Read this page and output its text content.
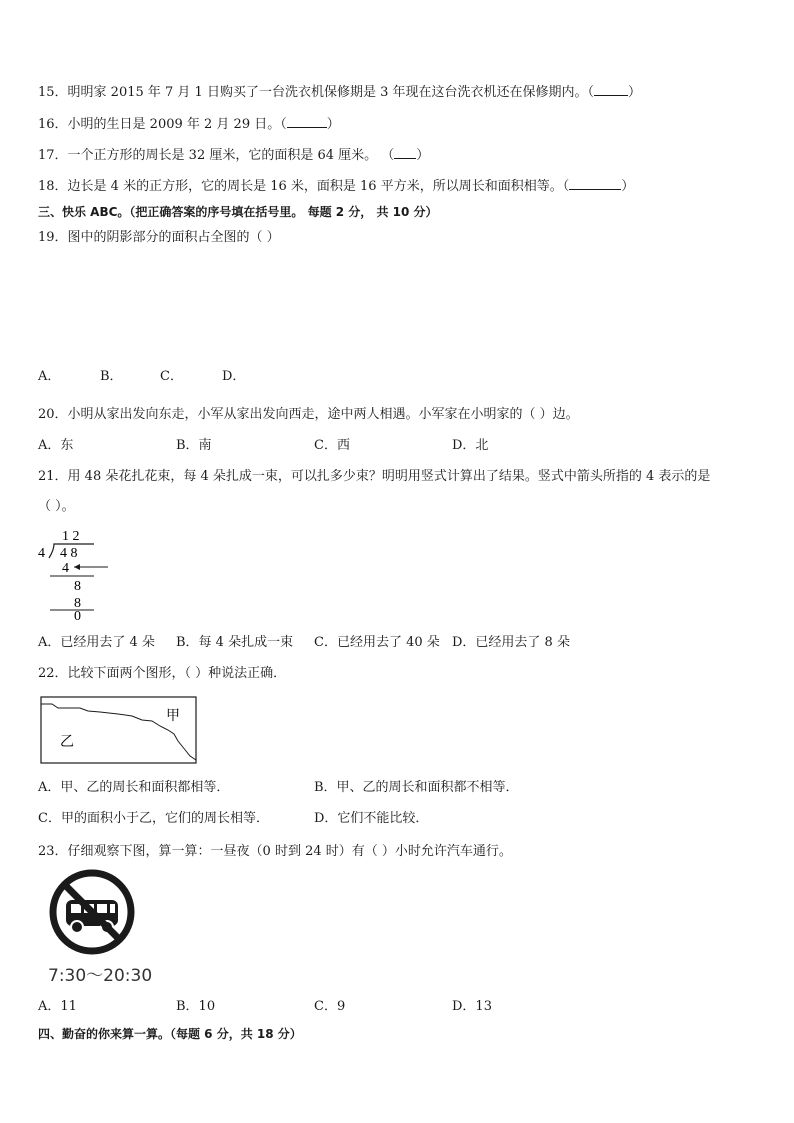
15．明明家 2015 年 7 月 1 日购买了一台洗衣机保修期是 3 年现在这台洗衣机还在保修期内。（	）
16．小明的生日是 2009 年 2 月 29 日。（	）
17．一个正方形的周长是 32 厘米，它的面积是 64 厘米。 （ ）
18．边长是 4 米的正方形，它的周长是 16 米，面积是 16 平方米，所以周长和面积相等。（	）
三、快乐 ABC。（把正确答案的序号填在括号里。 每题 2 分， 共 10 分）
19．图中的阴影部分的面积占全图的（ ）
A．	B．	C．	D．
20．小明从家出发向东走，小军从家出发向西走，途中两人相遇。小军家在小明家的（ ）边。
A．东	B．南	C．西	D．北
21．用 48 朵花扎花束，每 4 朵扎成一束，可以扎多少束？明明用竖式计算出了结果。竖式中箭头所指的 4 表示的是
（ ）。
1 2
4 4 8
4
8
8
0
A．已经用去了 4 朵 B．每 4 朵扎成一束 C．已经用去了 40 朵 D．已经用去了 8 朵
22．比较下面两个图形，（ ）种说法正确．
甲
乙
A．甲、乙的周长和面积都相等．	B．甲、乙的周长和面积都不相等．
C．甲的面积小于乙，它们的周长相等．	D．它们不能比较．
23．仔细观察下图，算一算：一昼夜（0 时到 24 时）有（ ）小时允许汽车通行。
7:30～20:30
A．11	B．10	C．9	D．13
四、勤奋的你来算一算。（每题 6 分，共 18 分）
